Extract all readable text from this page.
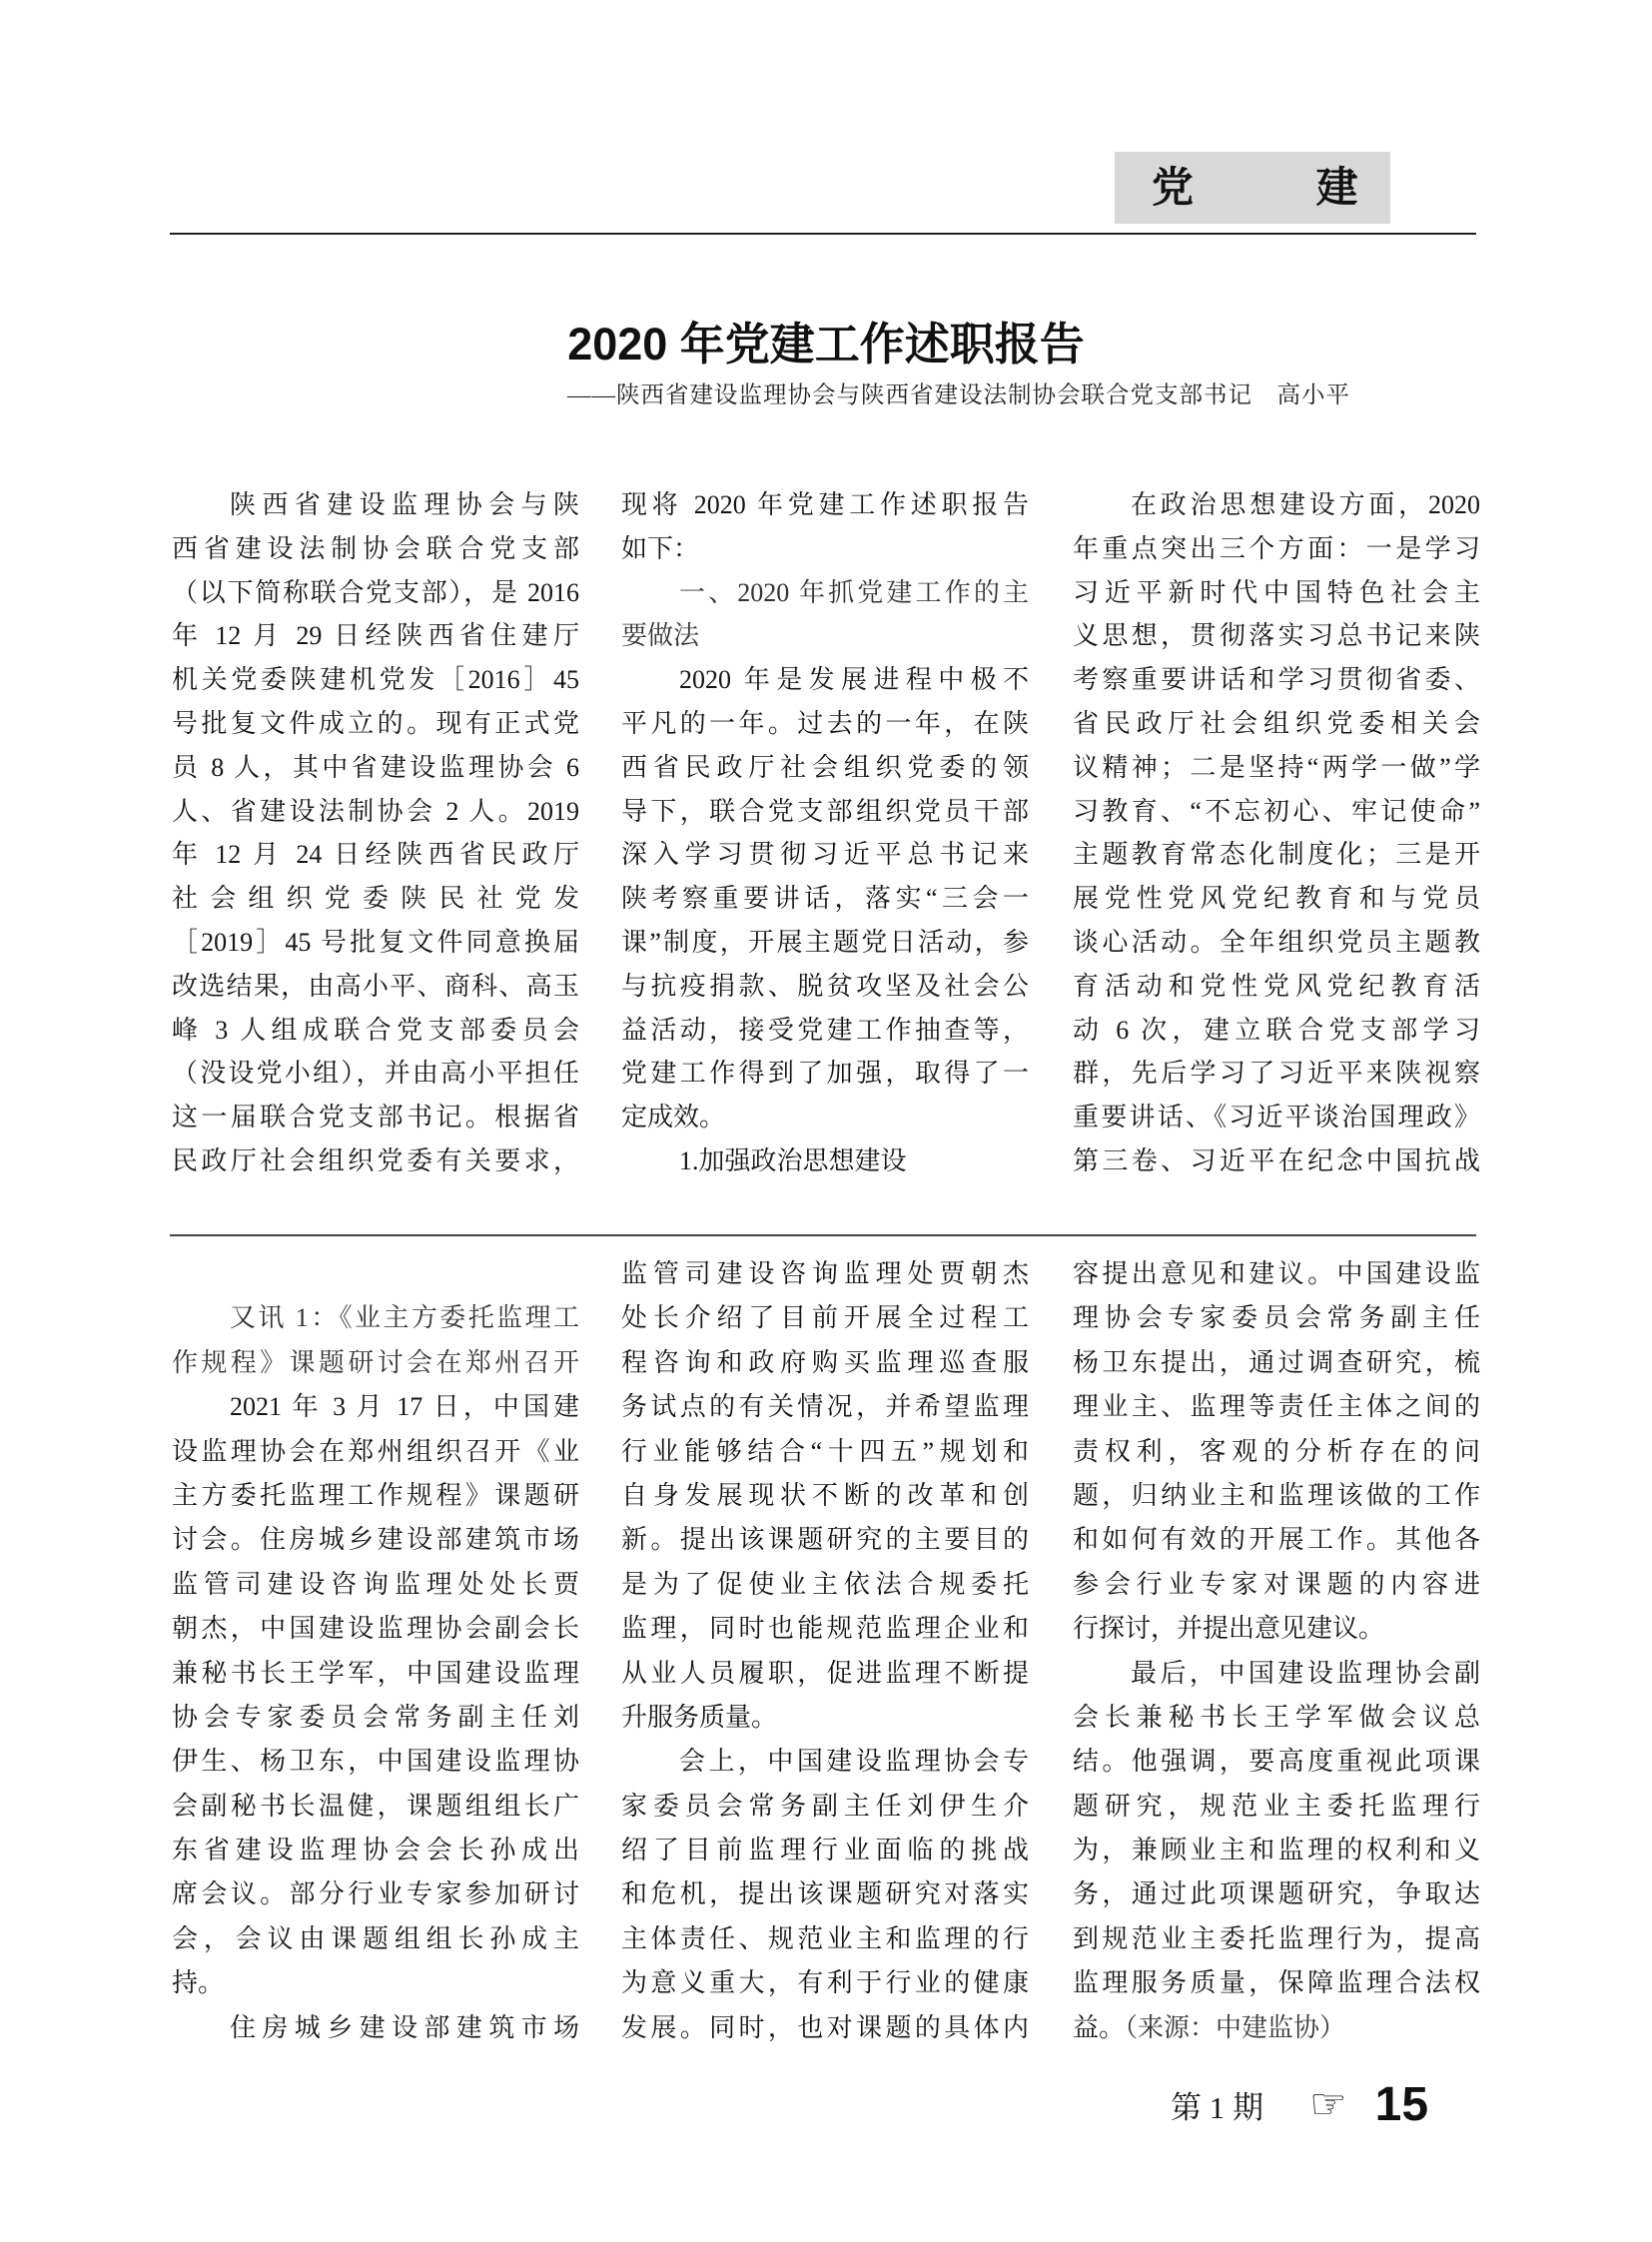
党 建
2020 年党建工作述职报告
——陕西省建设监理协会与陕西省建设法制协会联合党支部书记　高小平
陕西省建设监理协会与陕
西省建设法制协会联合党支部
（以下简称联合党支部），是 2016
年 12 月 29 日经陕西省住建厅
机关党委陕建机党发［2016］45
号批复文件成立的。现有正式党
员 8 人，其中省建设监理协会 6
人、省建设法制协会 2 人。2019
年 12 月 24 日经陕西省民政厅
社会组织党委陕民社党发
［2019］45 号批复文件同意换届
改选结果，由高小平、商科、高玉
峰 3 人组成联合党支部委员会
（没设党小组），并由高小平担任
这一届联合党支部书记。根据省
民政厅社会组织党委有关要求，
现将 2020 年党建工作述职报告
如下：
一、2020 年抓党建工作的主
要做法
2020 年是发展进程中极不
平凡的一年。过去的一年，在陕
西省民政厅社会组织党委的领
导下，联合党支部组织党员干部
深入学习贯彻习近平总书记来
陕考察重要讲话，落实“三会一
课”制度，开展主题党日活动，参
与抗疫捐款、脱贫攻坚及社会公
益活动，接受党建工作抽查等，
党建工作得到了加强，取得了一
定成效。
1.加强政治思想建设
在政治思想建设方面，2020
年重点突出三个方面：一是学习
习近平新时代中国特色社会主
义思想，贯彻落实习总书记来陕
考察重要讲话和学习贯彻省委、
省民政厅社会组织党委相关会
议精神；二是坚持“两学一做”学
习教育、“不忘初心、牢记使命”
主题教育常态化制度化；三是开
展党性党风党纪教育和与党员
谈心活动。全年组织党员主题教
育活动和党性党风党纪教育活
动 6 次，建立联合党支部学习
群，先后学习了习近平来陕视察
重要讲话、《习近平谈治国理政》
第三卷、习近平在纪念中国抗战
又讯 1：《业主方委托监理工
作规程》课题研讨会在郑州召开
2021 年 3 月 17 日，中国建
设监理协会在郑州组织召开《业
主方委托监理工作规程》课题研
讨会。住房城乡建设部建筑市场
监管司建设咨询监理处处长贾
朝杰，中国建设监理协会副会长
兼秘书长王学军，中国建设监理
协会专家委员会常务副主任刘
伊生、杨卫东，中国建设监理协
会副秘书长温健，课题组组长广
东省建设监理协会会长孙成出
席会议。部分行业专家参加研讨
会，会议由课题组组长孙成主
持。
住房城乡建设部建筑市场
监管司建设咨询监理处贾朝杰
处长介绍了目前开展全过程工
程咨询和政府购买监理巡查服
务试点的有关情况，并希望监理
行业能够结合“十四五”规划和
自身发展现状不断的改革和创
新。提出该课题研究的主要目的
是为了促使业主依法合规委托
监理，同时也能规范监理企业和
从业人员履职，促进监理不断提
升服务质量。
会上，中国建设监理协会专
家委员会常务副主任刘伊生介
绍了目前监理行业面临的挑战
和危机，提出该课题研究对落实
主体责任、规范业主和监理的行
为意义重大，有利于行业的健康
发展。同时，也对课题的具体内
容提出意见和建议。中国建设监
理协会专家委员会常务副主任
杨卫东提出，通过调查研究，梳
理业主、监理等责任主体之间的
责权利，客观的分析存在的问
题，归纳业主和监理该做的工作
和如何有效的开展工作。其他各
参会行业专家对课题的内容进
行探讨，并提出意见建议。
最后，中国建设监理协会副
会长兼秘书长王学军做会议总
结。他强调，要高度重视此项课
题研究，规范业主委托监理行
为，兼顾业主和监理的权利和义
务，通过此项课题研究，争取达
到规范业主委托监理行为，提高
监理服务质量，保障监理合法权
益。（来源：中建监协）
第 1 期 ☞ 15
